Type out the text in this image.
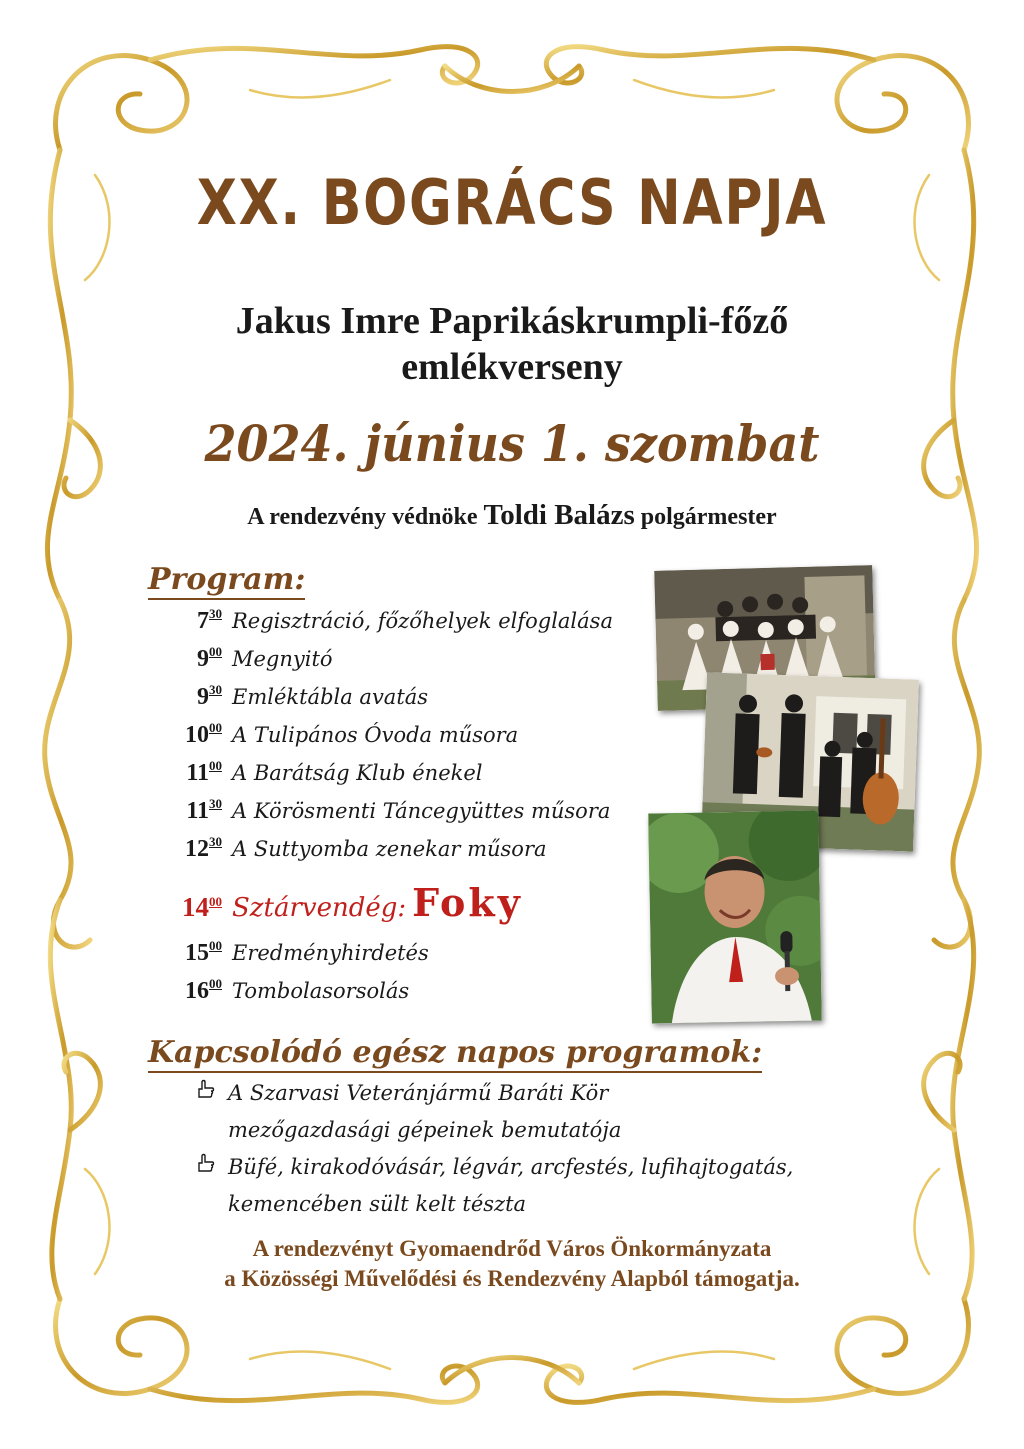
XX. BOGRÁCS NAPJA
Jakus Imre Paprikáskrumpli-főző
emlékverseny
2024. június 1. szombat
A rendezvény védnöke Toldi Balázs polgármester
Program:
$7^{30}$ Regisztráció, főzőhelyek elfoglalása
$9^{00}$ Megnyitó
$9^{30}$ Emléktábla avatás
$10^{00}$ A Tulipános Óvoda műsora
$11^{00}$ A Barátság Klub énekel
$11^{30}$ A Körösmenti Táncegyüttes műsora
$12^{30}$ A Suttyomba zenekar műsora
$14^{00}$ Sztárvendég: Foky
$15^{00}$ Eredményhirdetés
$16^{00}$ Tombolasorsolás
Kapcsolódó egész napos programok:
A Szarvasi Veteránjármű Baráti Kör
mezőgazdasági gépeinek bemutatója
Büfé, kirakodóvásár, légvár, arcfestés, lufihajtogatás,
kemencében sült kelt tészta
A rendezvényt Gyomaendrőd Város Önkormányzata
a Közösségi Művelődési és Rendezvény Alapból támogatja.
